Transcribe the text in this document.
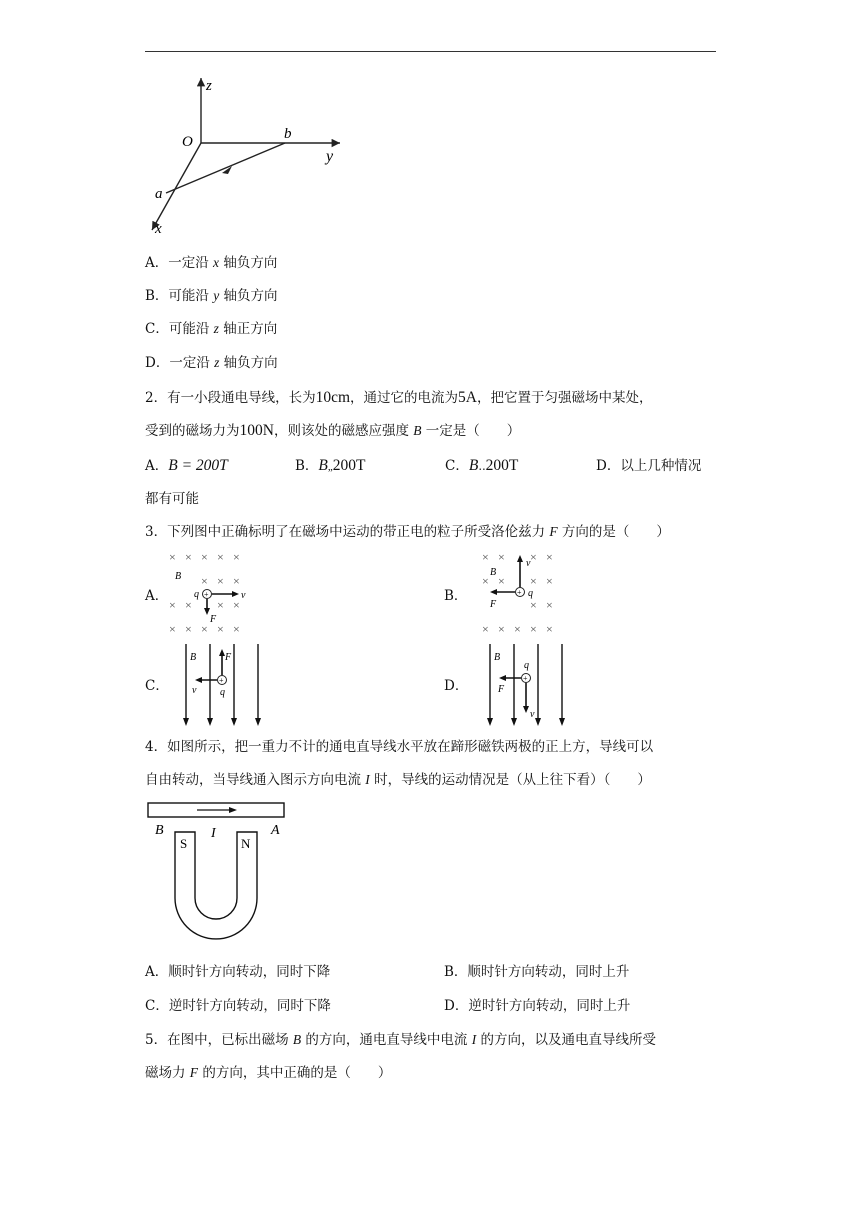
z
y
x
O
a
b
A．一定沿 x 轴负方向
B．可能沿 y 轴负方向
C．可能沿 z 轴正方向
D．一定沿 z 轴负方向
2．有一小段通电导线，长为10cm，通过它的电流为5A，把它置于匀强磁场中某处，
受到的磁场力为100N，则该处的磁感应强度 B 一定是（　　）
A．B = 200T	B．B„200T	C．B‥200T	D．以上几种情况
都有可能
3．下列图中正确标明了在磁场中运动的带正电的粒子所受洛伦兹力 F 方向的是（　　）
A．	B．
C．	D．
× × × × ×
× × ×
× × × ×
× × × × ×
B
q +	v
F
× × × ×
× × × ×
× ×
× × × × ×
B
+
v
q
F
B
+
F
v q
B
q
+
F
v
4．如图所示，把一重力不计的通电直导线水平放在蹄形磁铁两极的正上方，导线可以
自由转动，当导线通入图示方向电流 I 时，导线的运动情况是（从上往下看）（　　）
B	A
I
S	N
A．顺时针方向转动，同时下降	B．顺时针方向转动，同时上升
C．逆时针方向转动，同时下降	D．逆时针方向转动，同时上升
5．在图中，已标出磁场 B 的方向，通电直导线中电流 I 的方向，以及通电直导线所受
磁场力 F 的方向，其中正确的是（　　）
